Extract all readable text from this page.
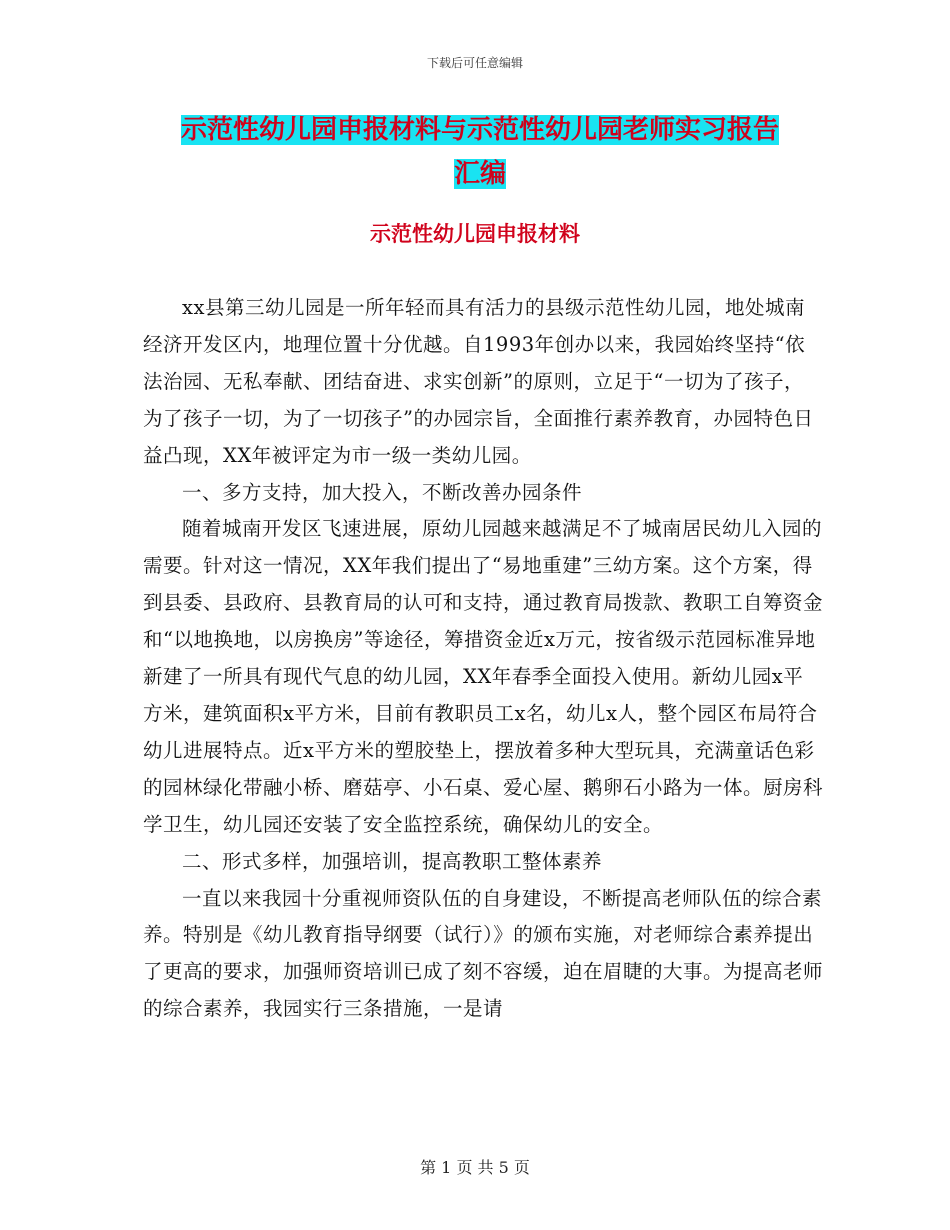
下载后可任意编辑
示范性幼儿园申报材料与示范性幼儿园老师实习报告
汇编
示范性幼儿园申报材料

xx县第三幼儿园是一所年轻而具有活力的县级示范性幼儿园，地处城南经济开发区内，地理位置十分优越。自1993年创办以来，我园始终坚持“依法治园、无私奉献、团结奋进、求实创新”的原则，立足于“一切为了孩子，为了孩子一切，为了一切孩子”的办园宗旨，全面推行素养教育，办园特色日益凸现，XX年被评定为市一级一类幼儿园。

一、多方支持，加大投入，不断改善办园条件

随着城南开发区飞速进展，原幼儿园越来越满足不了城南居民幼儿入园的需要。针对这一情况，XX年我们提出了“易地重建”三幼方案。这个方案，得到县委、县政府、县教育局的认可和支持，通过教育局拨款、教职工自筹资金和“以地换地，以房换房”等途径，筹措资金近x万元，按省级示范园标准异地新建了一所具有现代气息的幼儿园，XX年春季全面投入使用。新幼儿园x平方米，建筑面积x平方米，目前有教职员工x名，幼儿x人，整个园区布局符合幼儿进展特点。近x平方米的塑胶垫上，摆放着多种大型玩具，充满童话色彩的园林绿化带融小桥、磨菇亭、小石桌、爱心屋、鹅卵石小路为一体。厨房科学卫生，幼儿园还安装了安全监控系统，确保幼儿的安全。

二、形式多样，加强培训，提高教职工整体素养

一直以来我园十分重视师资队伍的自身建设，不断提高老师队伍的综合素养。特别是《幼儿教育指导纲要（试行）》的颁布实施，对老师综合素养提出了更高的要求，加强师资培训已成了刻不容缓，迫在眉睫的大事。为提高老师的综合素养，我园实行三条措施，一是请

第 1 页 共 5 页
